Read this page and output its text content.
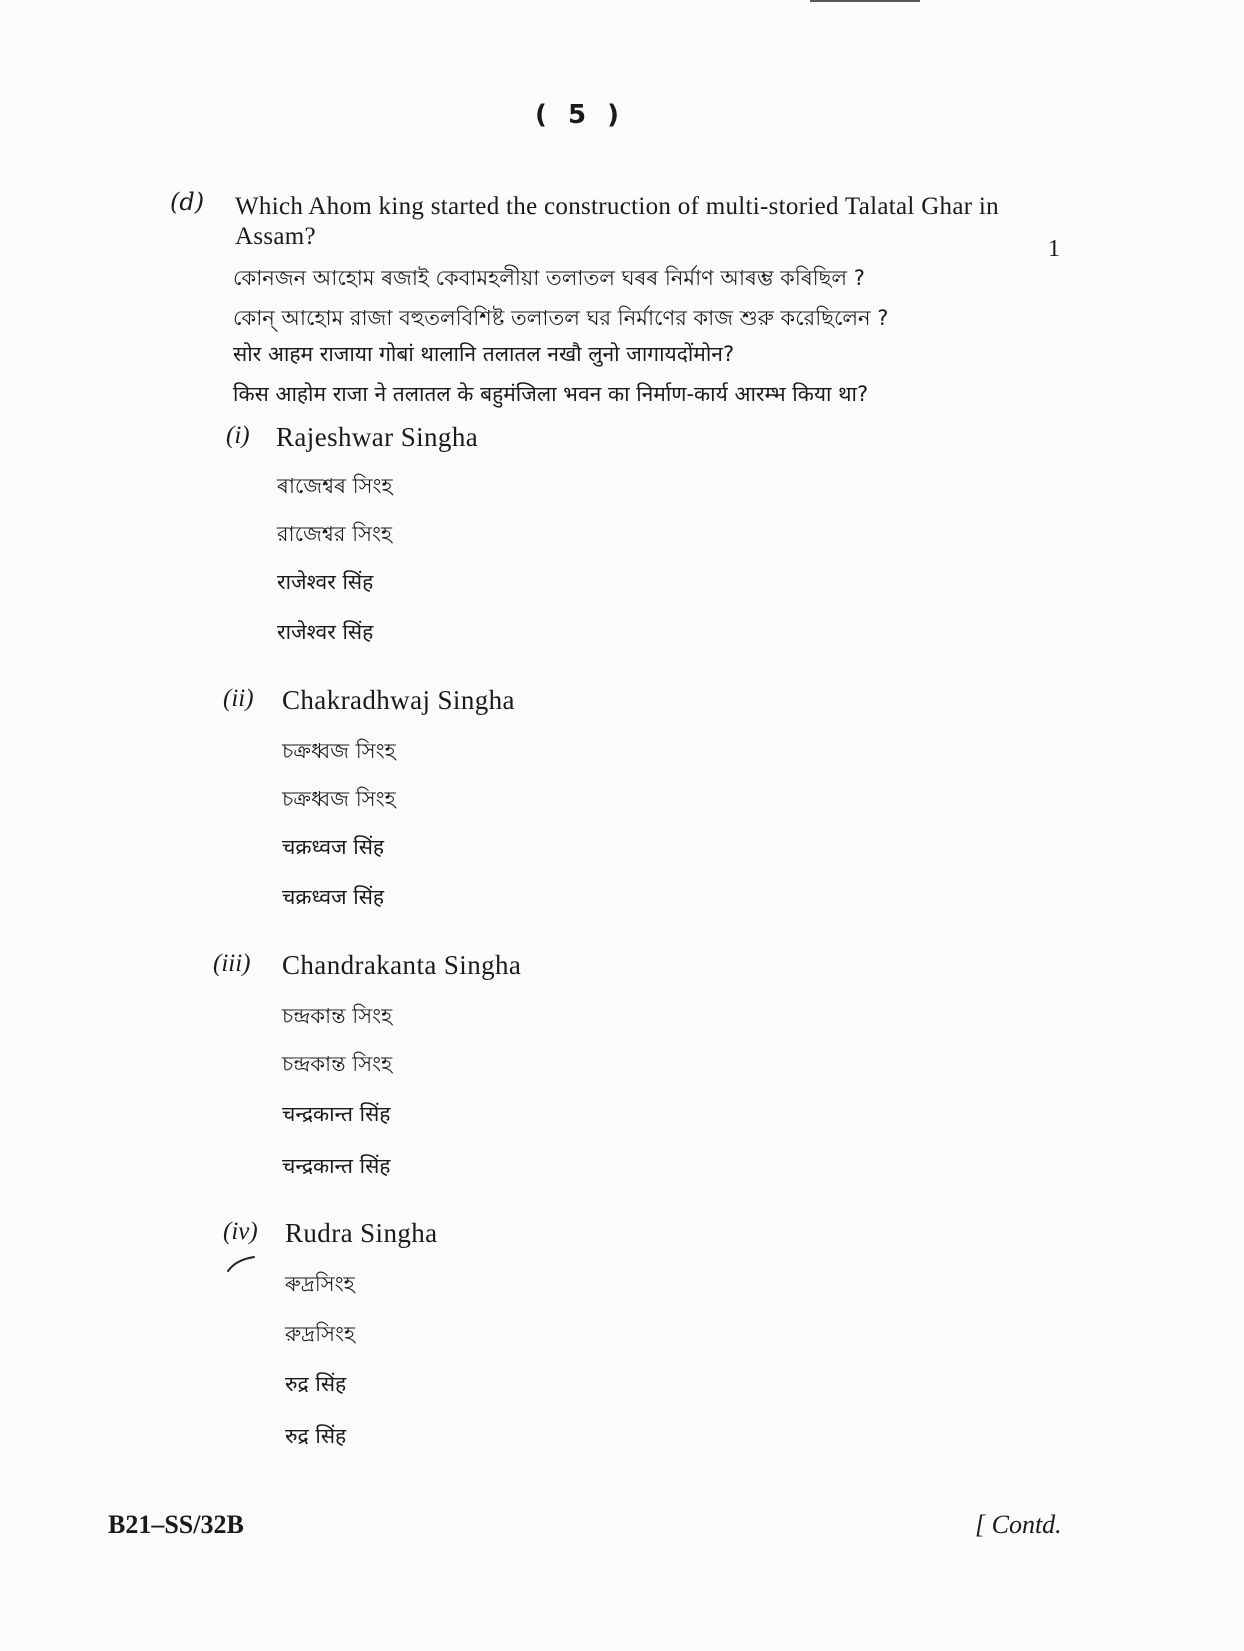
( 5 )
(d) Which Ahom king started the construction of multi-storied Talatal Ghar in Assam?	1
কোনজন আহোম ৰজাই কেবামহলীয়া তলাতল ঘৰৰ নিৰ্মাণ আৰম্ভ কৰিছিল ?
কোন্ আহোম রাজা বহুতলবিশিষ্ট তলাতল ঘর নির্মাণের কাজ শুরু করেছিলেন ?
सोर आहम राजाया गोबां थालानि तलातल नखौ लुनो जागायदोंमोन?
किस आहोम राजा ने तलातल के बहुमंजिला भवन का निर्माण-कार्य आरम्भ किया था?
(i) Rajeshwar Singha
ৰাজেশ্বৰ সিংহ
রাজেশ্বর সিংহ
राजेश्वर सिंह
राजेश्वर सिंह
(ii) Chakradhwaj Singha
চক্ৰধ্বজ সিংহ
চক্রধ্বজ সিংহ
चक्रध्वज सिंह
चक्रध्वज सिंह
(iii) Chandrakanta Singha
চন্দ্ৰকান্ত সিংহ
চন্দ্রকান্ত সিংহ
चन्द्रकान्त सिंह
चन्द्रकान्त सिंह
(iv) Rudra Singha
ৰুদ্ৰসিংহ
রুদ্রসিংহ
रुद्र सिंह
रुद्र सिंह
B21–SS/32B	[ Contd.
